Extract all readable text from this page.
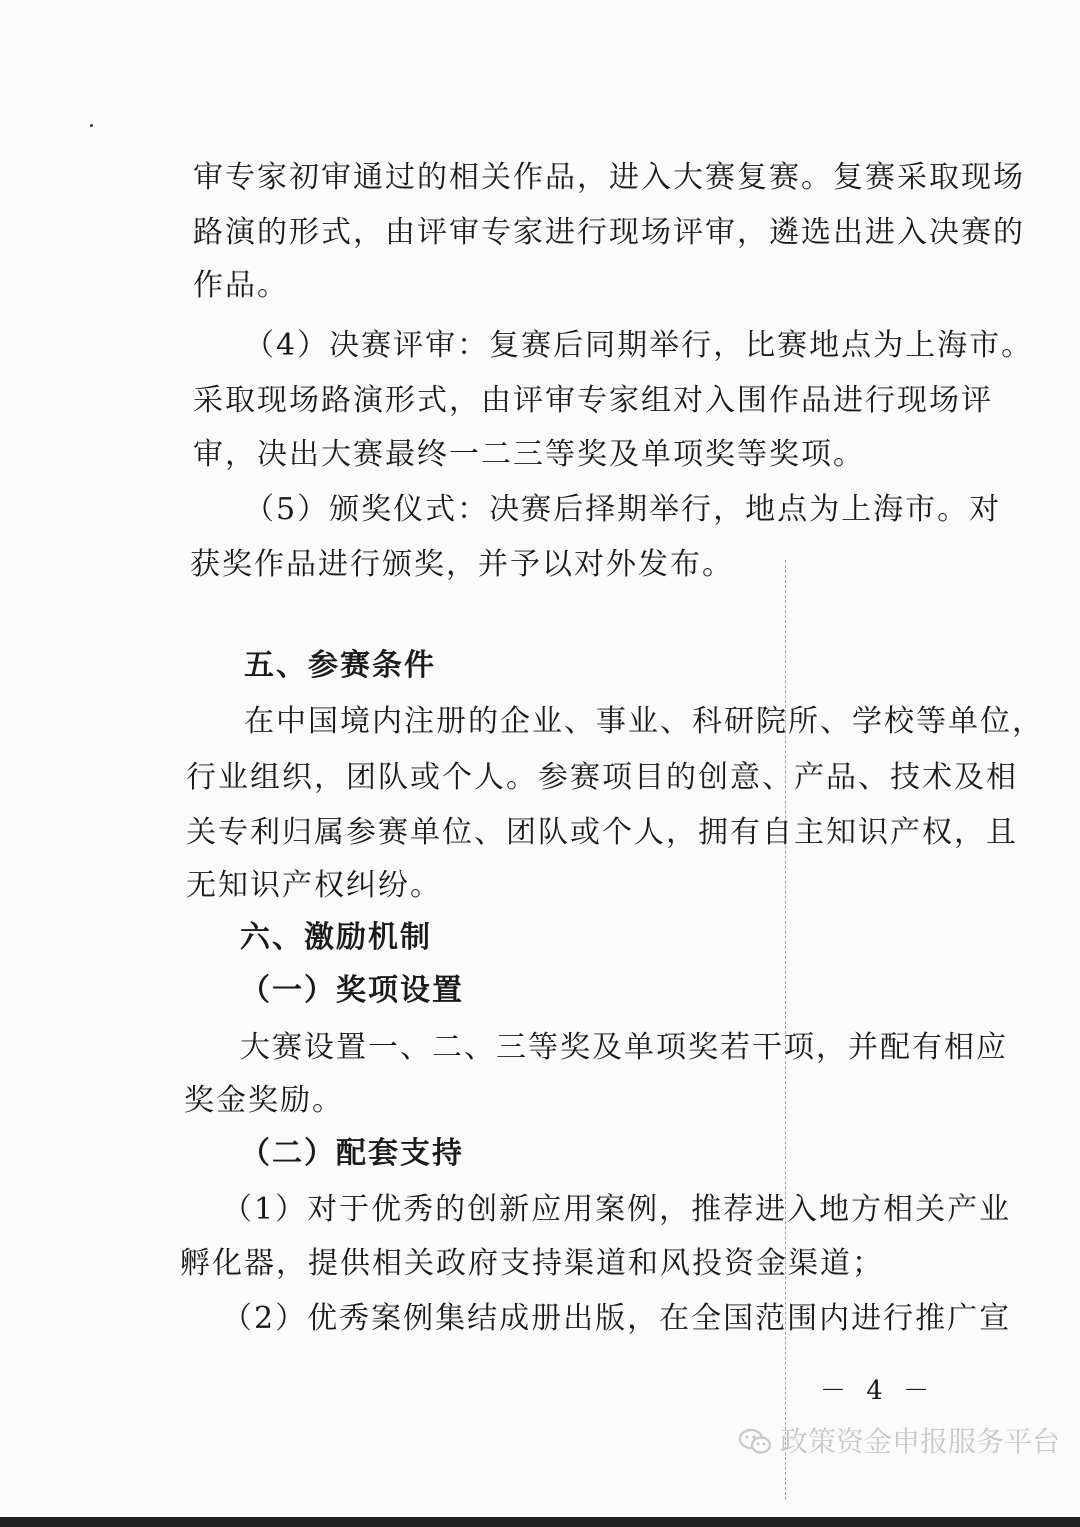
审专家初审通过的相关作品，进入大赛复赛。复赛采取现场
路演的形式，由评审专家进行现场评审，遴选出进入决赛的
作品。
（4）决赛评审：复赛后同期举行，比赛地点为上海市。
采取现场路演形式，由评审专家组对入围作品进行现场评
审，决出大赛最终一二三等奖及单项奖等奖项。
（5）颁奖仪式：决赛后择期举行，地点为上海市。对
获奖作品进行颁奖，并予以对外发布。
五、参赛条件
在中国境内注册的企业、事业、科研院所、学校等单位，
行业组织，团队或个人。参赛项目的创意、产品、技术及相
关专利归属参赛单位、团队或个人，拥有自主知识产权，且
无知识产权纠纷。
六、激励机制
（一）奖项设置
大赛设置一、二、三等奖及单项奖若干项，并配有相应
奖金奖励。
（二）配套支持
（1）对于优秀的创新应用案例，推荐进入地方相关产业
孵化器，提供相关政府支持渠道和风投资金渠道；
（2）优秀案例集结成册出版，在全国范围内进行推广宣
－ 4 －
政策资金申报服务平台
